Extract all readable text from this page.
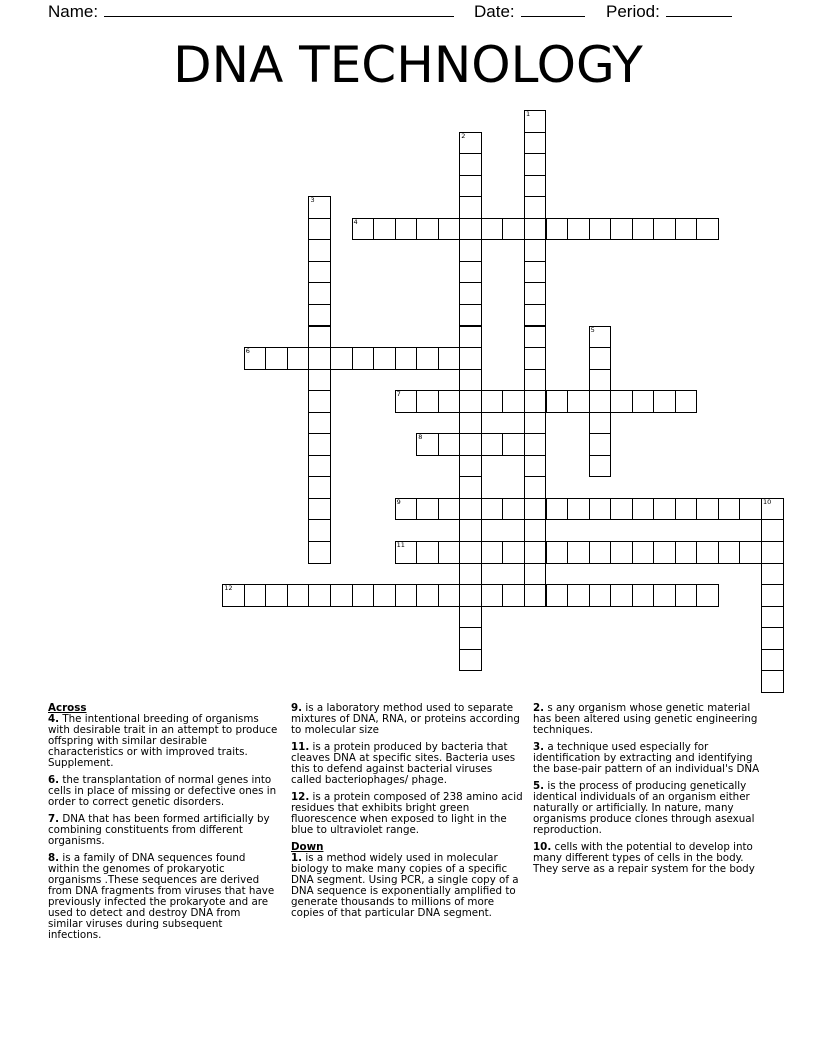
Name:	Date:	Period:
DNA TECHNOLOGY
1
2
3
4
5
6
7
8
9	10
11
12

Across

4. The intentional breeding of organisms with desirable trait in an attempt to produce offspring with similar desirable characteristics or with improved traits. Supplement.

6. the transplantation of normal genes into cells in place of missing or defective ones in order to correct genetic disorders.

7. DNA that has been formed artificially by combining constituents from different organisms.

8. is a family of DNA sequences found within the genomes of prokaryotic organisms .These sequences are derived from DNA fragments from viruses that have previously infected the prokaryote and are used to detect and destroy DNA from similar viruses during subsequent infections.

9. is a laboratory method used to separate mixtures of DNA, RNA, or proteins according to molecular size

11. is a protein produced by bacteria that cleaves DNA at specific sites. Bacteria uses this to defend against bacterial viruses called bacteriophages/ phage.

12. is a protein composed of 238 amino acid residues that exhibits bright green fluorescence when exposed to light in the blue to ultraviolet range.

Down

1. is a method widely used in molecular biology to make many copies of a specific DNA segment. Using PCR, a single copy of a DNA sequence is exponentially amplified to generate thousands to millions of more copies of that particular DNA segment.

2. s any organism whose genetic material has been altered using genetic engineering techniques.

3. a technique used especially for identification by extracting and identifying the base-pair pattern of an individual's DNA

5. is the process of producing genetically identical individuals of an organism either naturally or artificially. In nature, many organisms produce clones through asexual reproduction.

10. cells with the potential to develop into many different types of cells in the body. They serve as a repair system for the body
